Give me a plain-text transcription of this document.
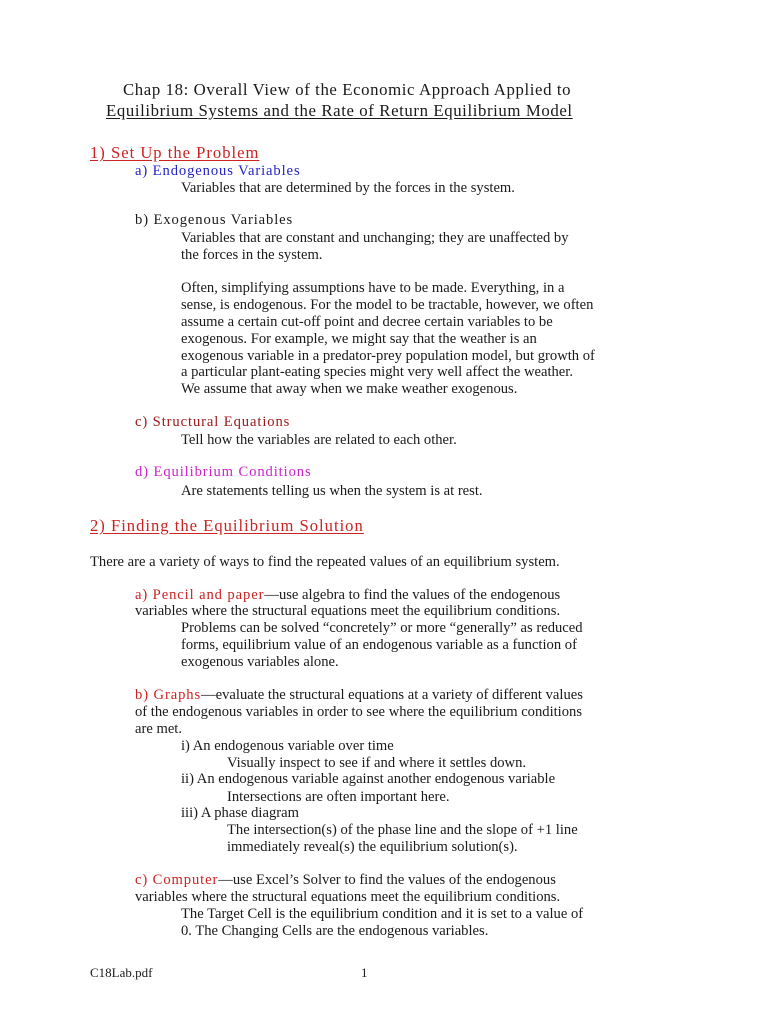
Chap 18: Overall View of the Economic Approach Applied to
Equilibrium Systems and the Rate of Return Equilibrium Model
1) Set Up the Problem
a) Endogenous Variables
Variables that are determined by the forces in the system.
b) Exogenous Variables
Variables that are constant and unchanging; they are unaffected by
the forces in the system.
Often, simplifying assumptions have to be made. Everything, in a
sense, is endogenous. For the model to be tractable, however, we often
assume a certain cut-off point and decree certain variables to be
exogenous. For example, we might say that the weather is an
exogenous variable in a predator-prey population model, but growth of
a particular plant-eating species might very well affect the weather.
We assume that away when we make weather exogenous.
c) Structural Equations
Tell how the variables are related to each other.
d) Equilibrium Conditions
Are statements telling us when the system is at rest.
2) Finding the Equilibrium Solution
There are a variety of ways to find the repeated values of an equilibrium system.
a) Pencil and paper—use algebra to find the values of the endogenous
variables where the structural equations meet the equilibrium conditions.
Problems can be solved “concretely” or more “generally” as reduced
forms, equilibrium value of an endogenous variable as a function of
exogenous variables alone.
b) Graphs—evaluate the structural equations at a variety of different values
of the endogenous variables in order to see where the equilibrium conditions
are met.
i) An endogenous variable over time
Visually inspect to see if and where it settles down.
ii) An endogenous variable against another endogenous variable
Intersections are often important here.
iii) A phase diagram
The intersection(s) of the phase line and the slope of +1 line
immediately reveal(s) the equilibrium solution(s).
c) Computer—use Excel’s Solver to find the values of the endogenous
variables where the structural equations meet the equilibrium conditions.
The Target Cell is the equilibrium condition and it is set to a value of
0. The Changing Cells are the endogenous variables.
C18Lab.pdf	1
